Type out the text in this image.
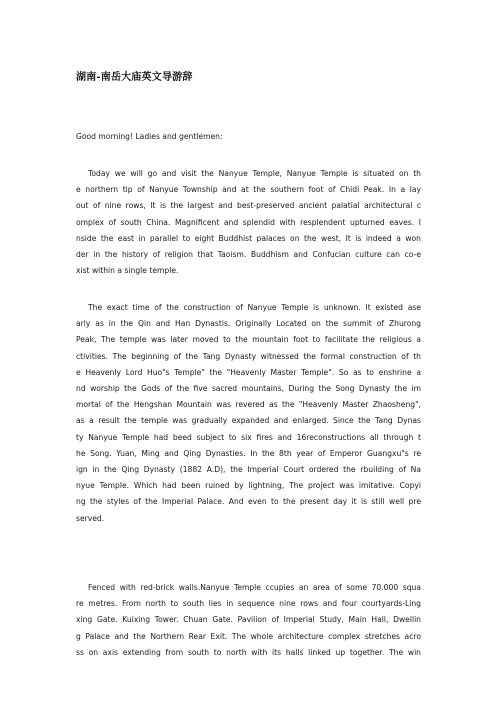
湖南-南岳大庙英文导游辞

Good morning! Ladies and gentlemen:

Today we will go and visit the Nanyue Temple, Nanyue Temple is situated on th
e northern tip of Nanyue Township and at the southern foot of Chidi Peak. In a lay
out of nine rows, It is the largest and best-preserved ancient palatial architectural c
omplex of south China. Magnificent and splendid with resplendent upturned eaves. I
nside the east in parallel to eight Buddhist palaces on the west, It is indeed a won
der in the history of religion that Taoism. Buddhism and Confucian culture can co-e
xist within a single temple.
The exact time of the construction of Nanyue Temple is unknown. It existed ase
arly as in the Qin and Han Dynastis. Originally Located on the summit of Zhurong
Peak, The temple was later moved to the mountain foot to facilitate the religious a
ctivities. The beginning of the Tang Dynasty witnessed the formal construction of th
e Heavenly Lord Huo"s Temple" the "Heavenly Master Temple". So as to enshrine a
nd worship the Gods of the five sacred mountains, During the Song Dynasty the im
mortal of the Hengshan Mountain was revered as the "Heavenly Master Zhaosheng",
as a result the temple was gradually expanded and enlarged. Since the Tang Dynas
ty Nanyue Temple had beed subject to six fires and 16reconstructions all through t
he Song. Yuan, Ming and Qing Dynasties. In the 8th year of Emperor Guangxu"s re
ign in the Qing Dynasty (1882 A.D), the Imperial Court ordered the rbuilding of Na
nyue Temple. Which had been ruined by lightning, The project was imitative. Copyi
ng the styles of the Imperial Palace. And even to the present day it is still well pre
served.
Fenced with red-brick walls.Nanyue Temple ccupies an area of some 70.000 squa
re metres. From north to south lies in sequence nine rows and four courtyards-Ling
xing Gate. Kuixing Tower. Chuan Gate. Pavilion of Imperial Study, Main Hall, Dwellin
g Palace and the Northern Rear Exit. The whole architecture complex stretches acro
ss on axis extending from south to north with its halls linked up together. The win
